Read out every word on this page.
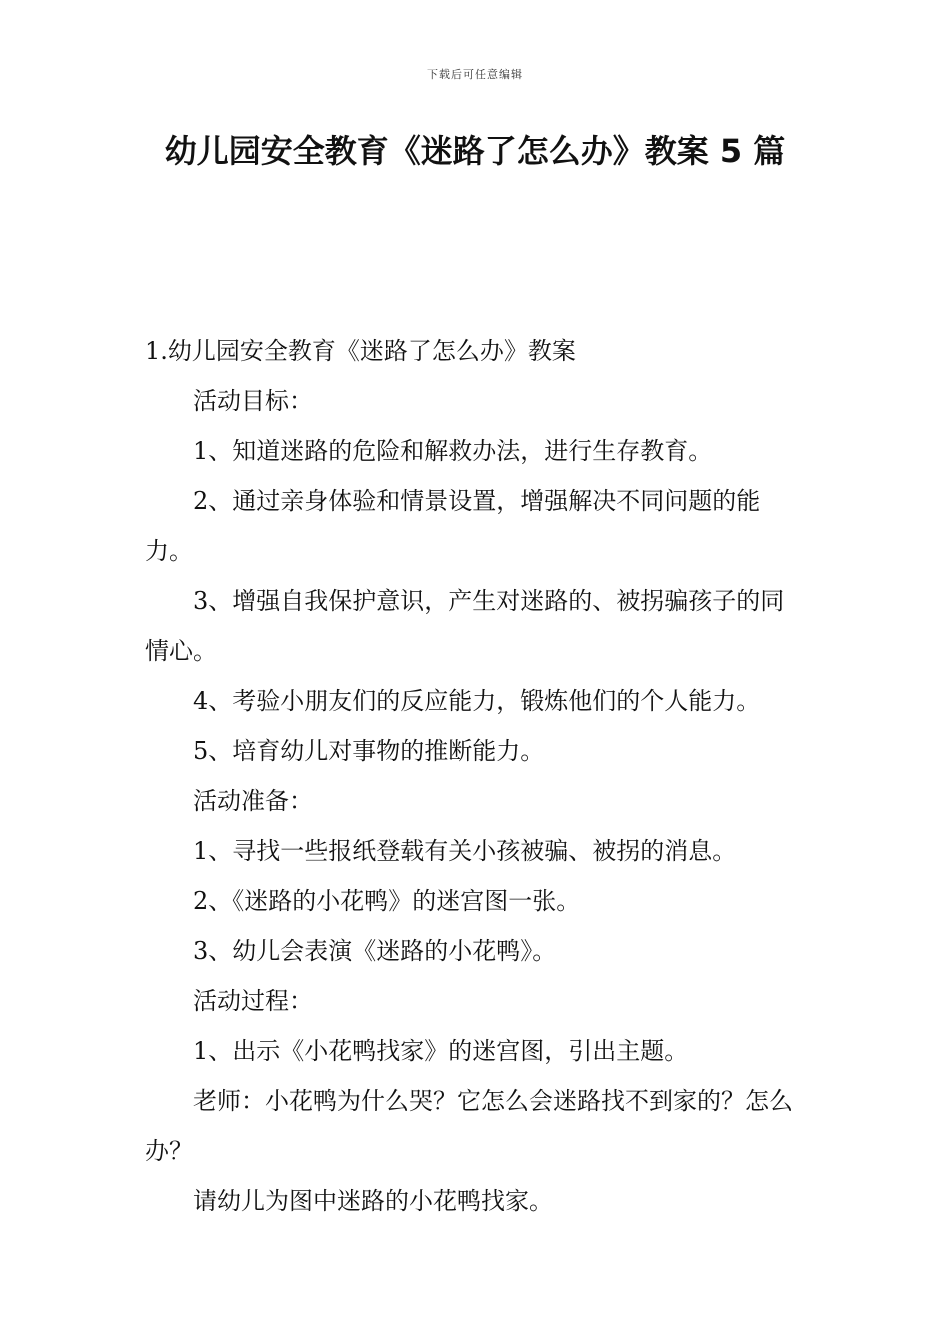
下载后可任意编辑
幼儿园安全教育《迷路了怎么办》教案 5 篇

1.幼儿园安全教育《迷路了怎么办》教案

活动目标：

1、知道迷路的危险和解救办法，进行生存教育。

2、通过亲身体验和情景设置，增强解决不同问题的能力。

3、增强自我保护意识，产生对迷路的、被拐骗孩子的同情心。

4、考验小朋友们的反应能力，锻炼他们的个人能力。

5、培育幼儿对事物的推断能力。

活动准备：

1、寻找一些报纸登载有关小孩被骗、被拐的消息。

2、《迷路的小花鸭》的迷宫图一张。

3、幼儿会表演《迷路的小花鸭》。

活动过程：

1、出示《小花鸭找家》的迷宫图，引出主题。

老师：小花鸭为什么哭？它怎么会迷路找不到家的？怎么办？

请幼儿为图中迷路的小花鸭找家。
